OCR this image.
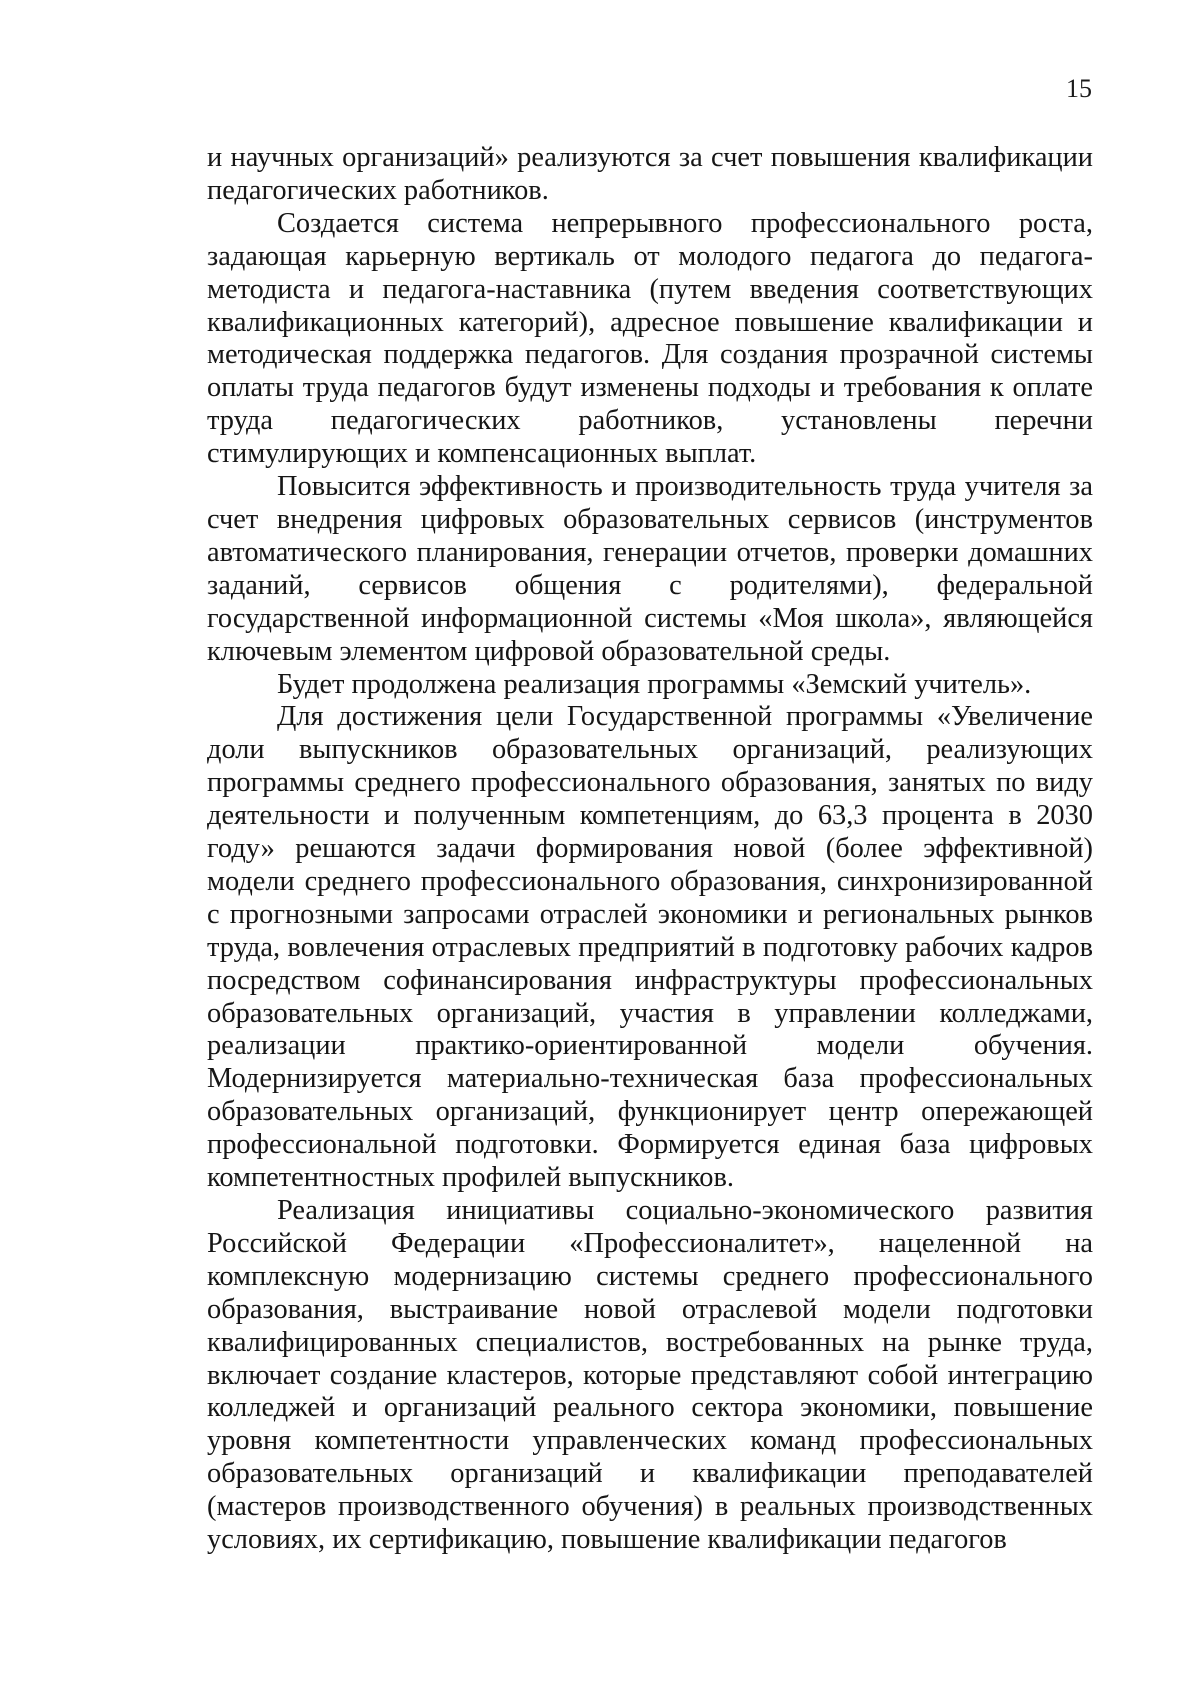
15

и научных организаций» реализуются за счет повышения квалификации педагогических работников.

Создается система непрерывного профессионального роста, задающая карьерную вертикаль от молодого педагога до педагога-методиста и педагога-наставника (путем введения соответствующих квалификационных категорий), адресное повышение квалификации и методическая поддержка педагогов. Для создания прозрачной системы оплаты труда педагогов будут изменены подходы и требования к оплате труда педагогических работников, установлены перечни стимулирующих и компенсационных выплат.

Повысится эффективность и производительность труда учителя за счет внедрения цифровых образовательных сервисов (инструментов автоматического планирования, генерации отчетов, проверки домашних заданий, сервисов общения с родителями), федеральной государственной информационной системы «Моя школа», являющейся ключевым элементом цифровой образовательной среды.

Будет продолжена реализация программы «Земский учитель».

Для достижения цели Государственной программы «Увеличение доли выпускников образовательных организаций, реализующих программы среднего профессионального образования, занятых по виду деятельности и полученным компетенциям, до 63,3 процента в 2030 году» решаются задачи формирования новой (более эффективной) модели среднего профессионального образования, синхронизированной с прогнозными запросами отраслей экономики и региональных рынков труда, вовлечения отраслевых предприятий в подготовку рабочих кадров посредством софинансирования инфраструктуры профессиональных образовательных организаций, участия в управлении колледжами, реализации практико-ориентированной модели обучения. Модернизируется материально-техническая база профессиональных образовательных организаций, функционирует центр опережающей профессиональной подготовки. Формируется единая база цифровых компетентностных профилей выпускников.

Реализация инициативы социально-экономического развития Российской Федерации «Профессионалитет», нацеленной на комплексную модернизацию системы среднего профессионального образования, выстраивание новой отраслевой модели подготовки квалифицированных специалистов, востребованных на рынке труда, включает создание кластеров, которые представляют собой интеграцию колледжей и организаций реального сектора экономики, повышение уровня компетентности управленческих команд профессиональных образовательных организаций и квалификации преподавателей (мастеров производственного обучения) в реальных производственных условиях, их сертификацию, повышение квалификации педагогов
